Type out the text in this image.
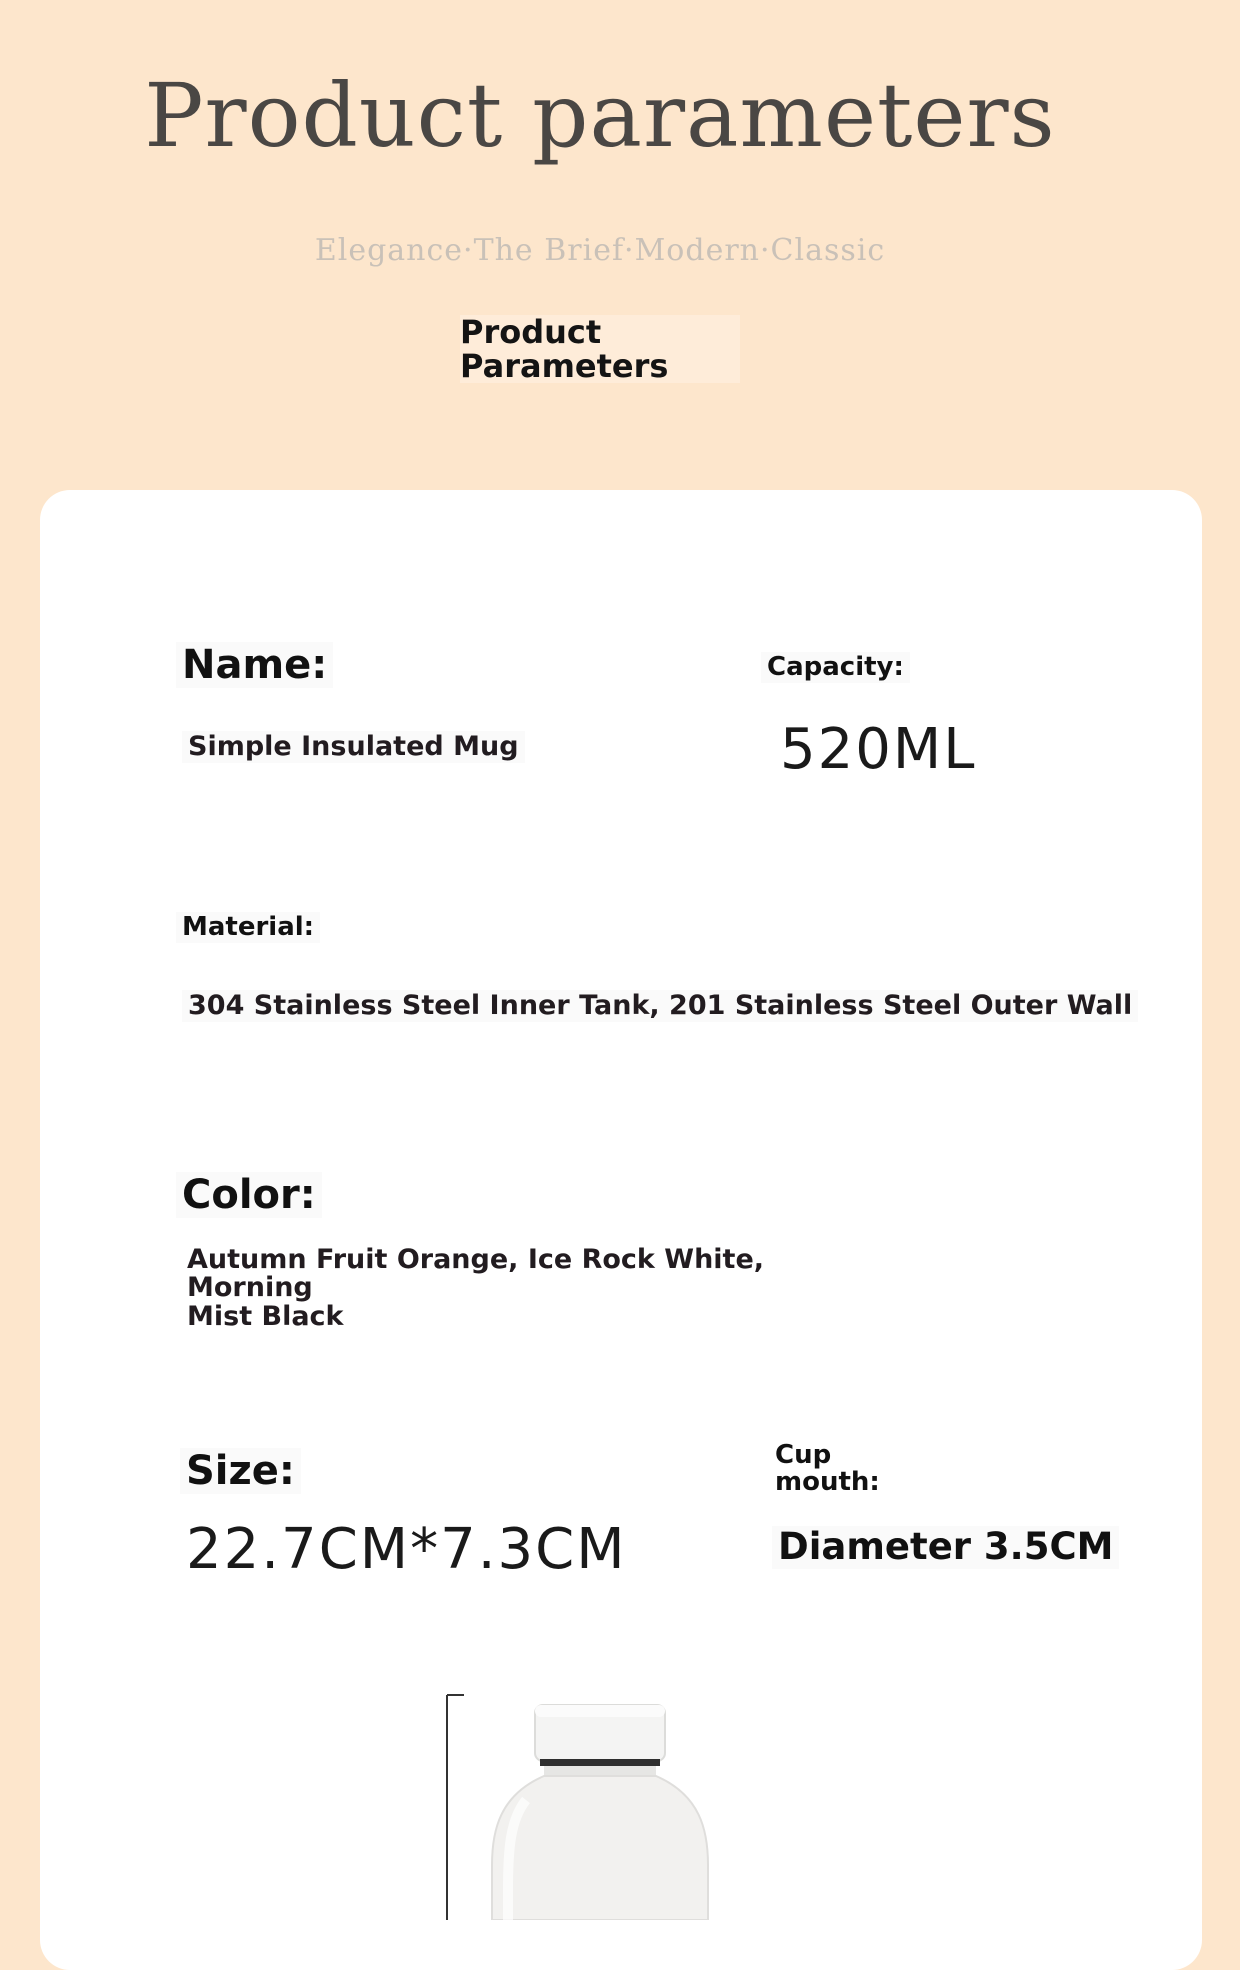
Product parameters
Elegance·The Brief·Modern·Classic
Product
Parameters
Name:
Simple Insulated Mug
Capacity:
520ML
Material:
304 Stainless Steel Inner Tank, 201 Stainless Steel Outer Wall
Color:
Autumn Fruit Orange, Ice Rock White, Morning
Mist Black
Size:
22.7CM*7.3CM
Cup
mouth:
Diameter 3.5CM
